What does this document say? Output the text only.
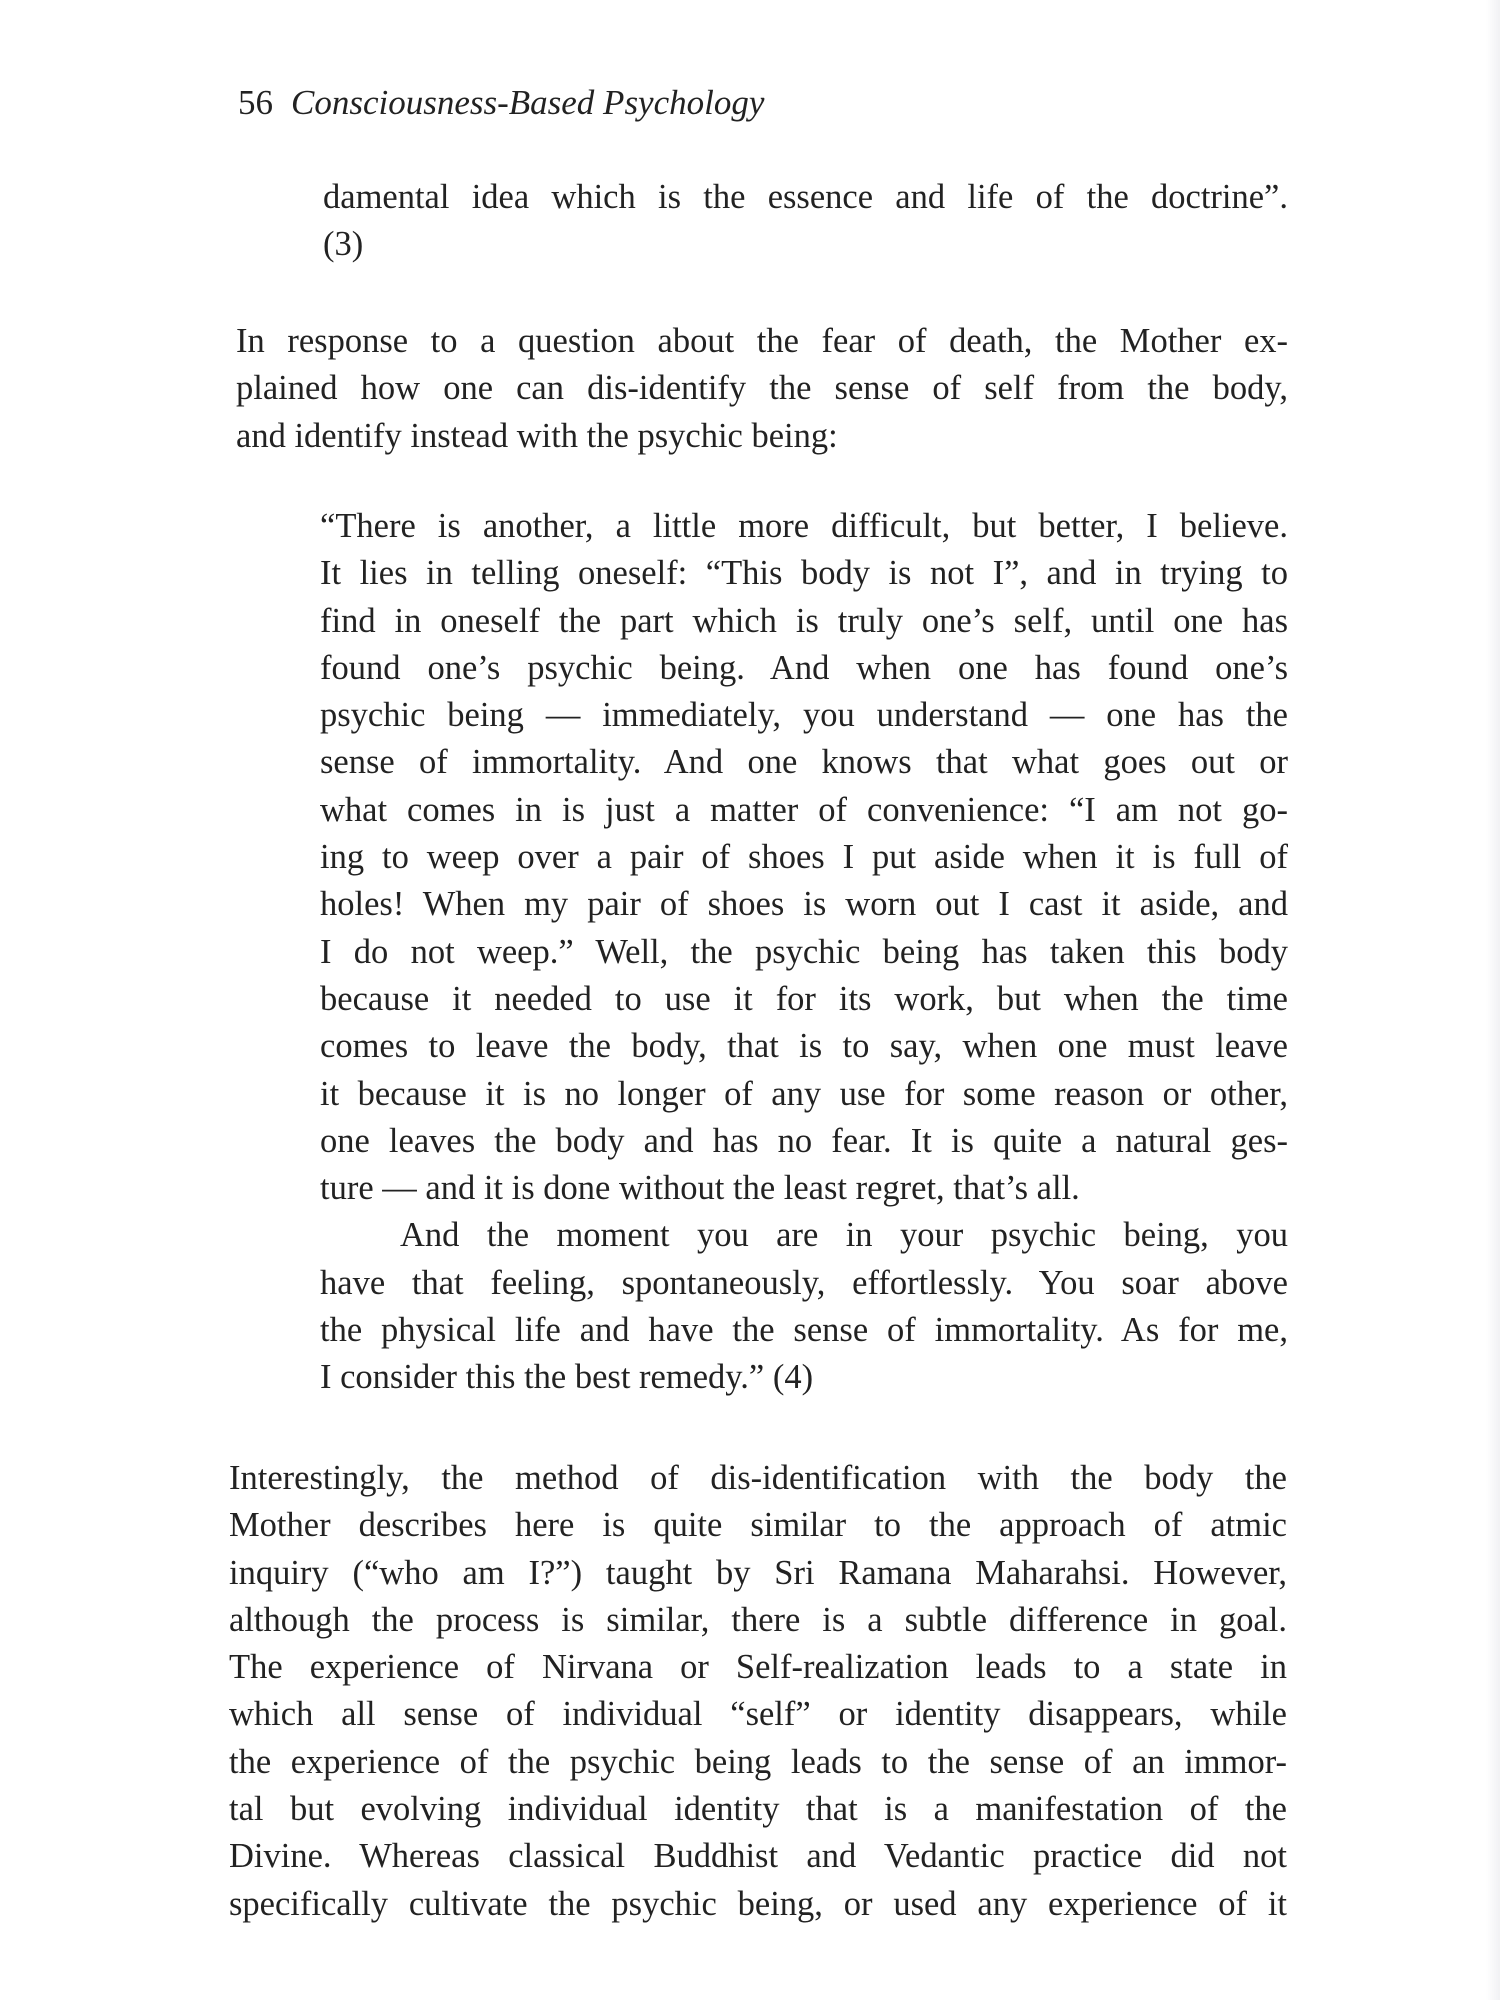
56 Consciousness-Based Psychology
damental idea which is the essence and life of the doctrine”.
(3)
In response to a question about the fear of death, the Mother ex-
plained how one can dis-identify the sense of self from the body,
and identify instead with the psychic being:
“There is another, a little more difficult, but better, I believe.
It lies in telling oneself: “This body is not I”, and in trying to
find in oneself the part which is truly one’s self, until one has
found one’s psychic being. And when one has found one’s
psychic being — immediately, you understand — one has the
sense of immortality. And one knows that what goes out or
what comes in is just a matter of convenience: “I am not go-
ing to weep over a pair of shoes I put aside when it is full of
holes! When my pair of shoes is worn out I cast it aside, and
I do not weep.” Well, the psychic being has taken this body
because it needed to use it for its work, but when the time
comes to leave the body, that is to say, when one must leave
it because it is no longer of any use for some reason or other,
one leaves the body and has no fear. It is quite a natural ges-
ture — and it is done without the least regret, that’s all.
And the moment you are in your psychic being, you
have that feeling, spontaneously, effortlessly. You soar above
the physical life and have the sense of immortality. As for me,
I consider this the best remedy.” (4)
Interestingly, the method of dis-identification with the body the
Mother describes here is quite similar to the approach of atmic
inquiry (“who am I?”) taught by Sri Ramana Maharahsi. However,
although the process is similar, there is a subtle difference in goal.
The experience of Nirvana or Self-realization leads to a state in
which all sense of individual “self” or identity disappears, while
the experience of the psychic being leads to the sense of an immor-
tal but evolving individual identity that is a manifestation of the
Divine. Whereas classical Buddhist and Vedantic practice did not
specifically cultivate the psychic being, or used any experience of it
